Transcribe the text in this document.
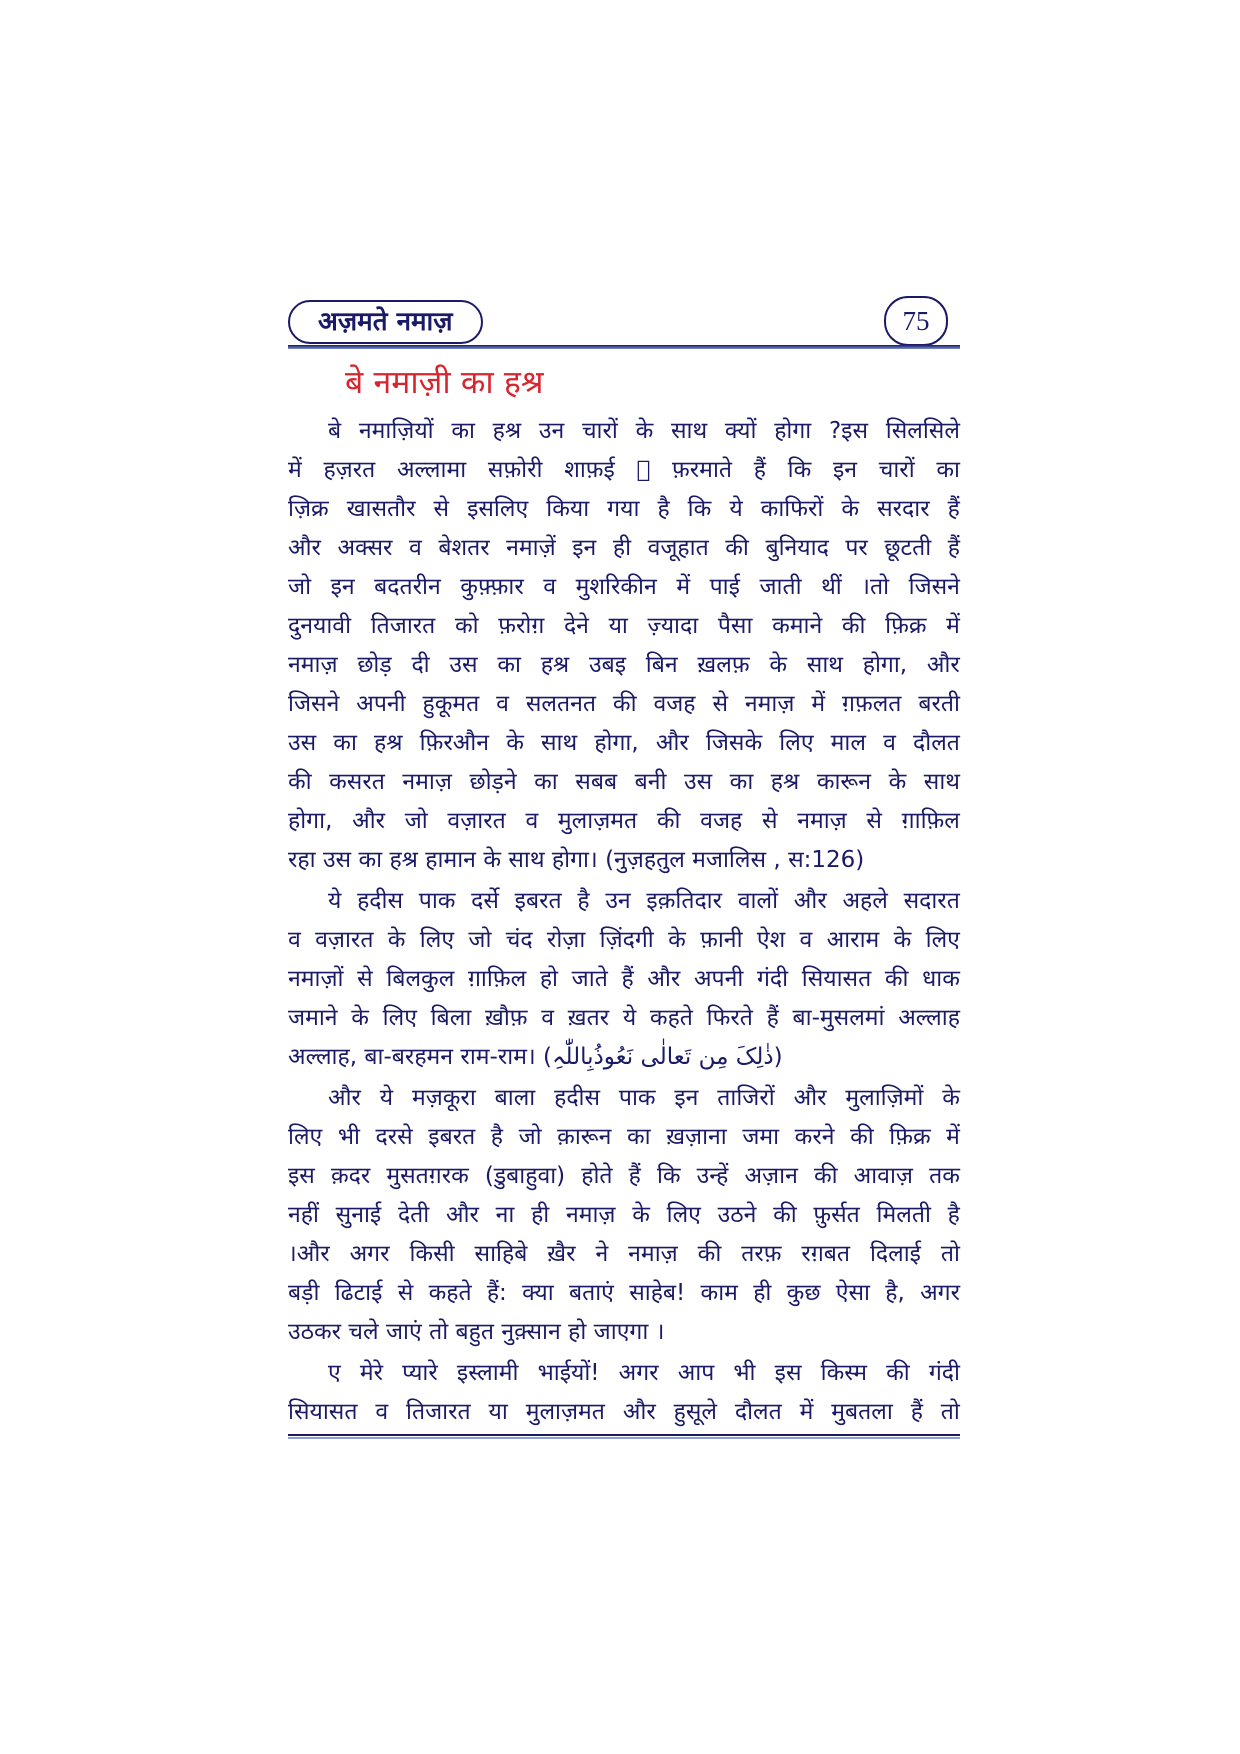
अज़मते नमाज़	75
बे नमाज़ी का हश्र
बे नमाज़ियों का हश्र उन चारों के साथ क्यों होगा ?इस सिलसिले
में हज़रत अल्लामा सफ़ोरी शाफ़ई ﷫ फ़रमाते हैं कि इन चारों का
ज़िक्र खासतौर से इसलिए किया गया है कि ये काफिरों के सरदार हैं
और अक्सर व बेशतर नमाज़ें इन ही वजूहात की बुनियाद पर छूटती हैं
जो इन बदतरीन कुफ़्फ़ार व मुशरिकीन में पाई जाती थीं ।तो जिसने
दुनयावी तिजारत को फ़रोग़ देने या ज़्यादा पैसा कमाने की फ़िक्र में
नमाज़ छोड़ दी उस का हश्र उबइ बिन ख़लफ़ के साथ होगा, और
जिसने अपनी हुकूमत व सलतनत की वजह से नमाज़ में ग़फ़लत बरती
उस का हश्र फ़िरऔन के साथ होगा, और जिसके लिए माल व दौलत
की कसरत नमाज़ छोड़ने का सबब बनी उस का हश्र कारून के साथ
होगा, और जो वज़ारत व मुलाज़मत की वजह से नमाज़ से ग़ाफ़िल
रहा उस का हश्र हामान के साथ होगा। (नुज़हतुल मजालिस , स:126)
ये हदीस पाक दर्से इबरत है उन इक़तिदार वालों और अहले सदारत
व वज़ारत के लिए जो चंद रोज़ा ज़िंदगी के फ़ानी ऐश व आराम के लिए
नमाज़ों से बिलकुल ग़ाफ़िल हो जाते हैं और अपनी गंदी सियासत की धाक
जमाने के लिए बिला ख़ौफ़ व ख़तर ये कहते फिरते हैं बा-मुसलमां अल्लाह
अल्लाह, बा-बरहमन राम-राम। (نَعُوذُبِاللّٰہِ تَعالٰی مِن ذٰلِکَ)
और ये मज़कूरा बाला हदीस पाक इन ताजिरों और मुलाज़िमों के
लिए भी दरसे इबरत है जो क़ारून का ख़ज़ाना जमा करने की फ़िक्र में
इस क़दर मुसतग़रक (डुबाहुवा) होते हैं कि उन्हें अज़ान की आवाज़ तक
नहीं सुनाई देती और ना ही नमाज़ के लिए उठने की फ़ुर्सत मिलती है
।और अगर किसी साहिबे ख़ैर ने नमाज़ की तरफ़ रग़बत दिलाई तो
बड़ी ढिटाई से कहते हैं: क्या बताएं साहेब! काम ही कुछ ऐसा है, अगर
उठकर चले जाएं तो बहुत नुक़्सान हो जाएगा ।
ए मेरे प्यारे इस्लामी भाईयों! अगर आप भी इस किस्म की गंदी
सियासत व तिजारत या मुलाज़मत और हुसूले दौलत में मुबतला हैं तो
